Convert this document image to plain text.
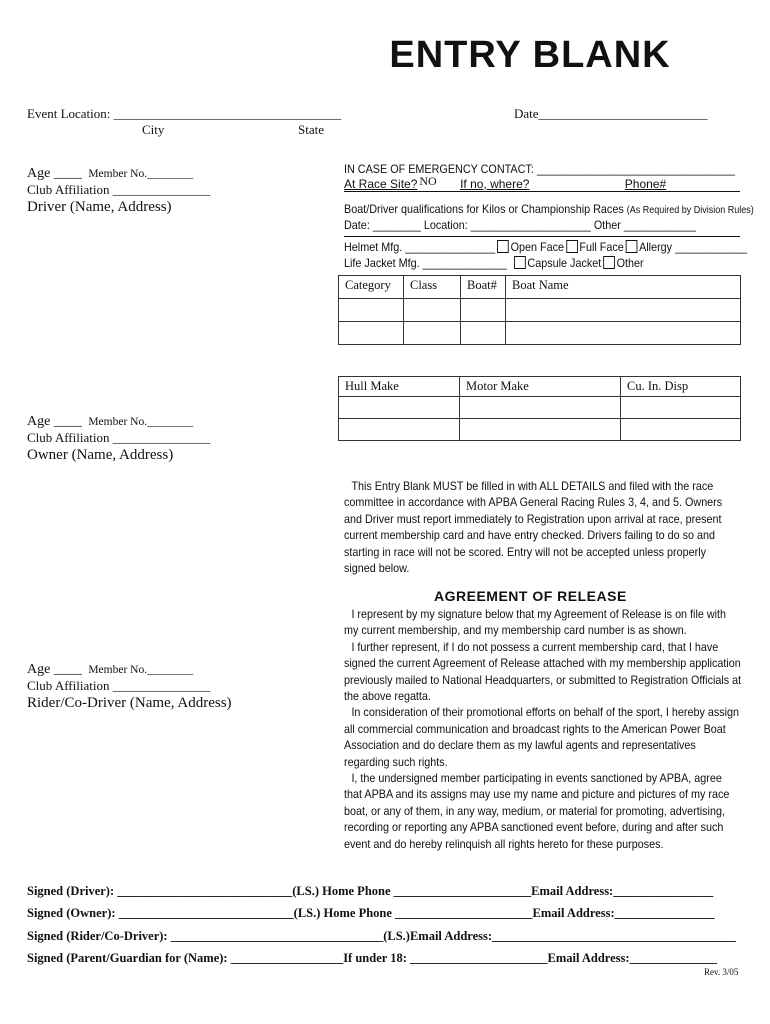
ENTRY BLANK
Event Location: ___________________________________	Date__________________________
City	State
Age ____ Member No.________
Club Affiliation _______________
Driver (Name, Address)
Age ____ Member No.________
Club Affiliation _______________
Owner (Name, Address)
Age ____ Member No.________
Club Affiliation _______________
Rider/Co-Driver (Name, Address)
IN CASE OF EMERGENCY CONTACT: _________________________________
At Race Site? NO If no, where?	Phone#
Boat/Driver qualifications for Kilos or Championship Races (As Required by Division Rules)
Date: ________ Location: ____________________ Other ____________
Helmet Mfg. _______________ Open Face Full Face Allergy ____________
Life Jacket Mfg. ______________ Capsule Jacket Other
Category	Class	Boat#	Boat Name

Hull Make	Motor Make	Cu. In. Disp

This Entry Blank MUST be filled in with ALL DETAILS and filed with the race committee in accordance with APBA General Racing Rules 3, 4, and 5. Owners and Driver must report immediately to Registration upon arrival at race, present current membership card and have entry checked. Drivers failing to do so and starting in race will not be scored. Entry will not be accepted unless properly signed below.

AGREEMENT OF RELEASE

I represent by my signature below that my Agreement of Release is on file with my current membership, and my membership card number is as shown.

I further represent, if I do not possess a current membership card, that I have signed the current Agreement of Release attached with my membership application previously mailed to National Headquarters, or submitted to Registration Officials at the above regatta.

In consideration of their promotional efforts on behalf of the sport, I hereby assign all commercial communication and broadcast rights to the American Power Boat Association and do declare them as my lawful agents and representatives regarding such rights.

I, the undersigned member participating in events sanctioned by APBA, agree that APBA and its assigns may use my name and picture and pictures of my race boat, or any of them, in any way, medium, or material for promoting, advertising, recording or reporting any APBA sanctioned event before, during and after such event and do hereby relinquish all rights hereto for these purposes.

Signed (Driver): ____________________________(LS.) Home Phone ______________________Email Address:________________
Signed (Owner): ____________________________(LS.) Home Phone ______________________Email Address:________________
Signed (Rider/Co-Driver): __________________________________(LS.)Email Address:_______________________________________
Signed (Parent/Guardian for (Name): __________________If under 18: ______________________Email Address:______________
Rev. 3/05
